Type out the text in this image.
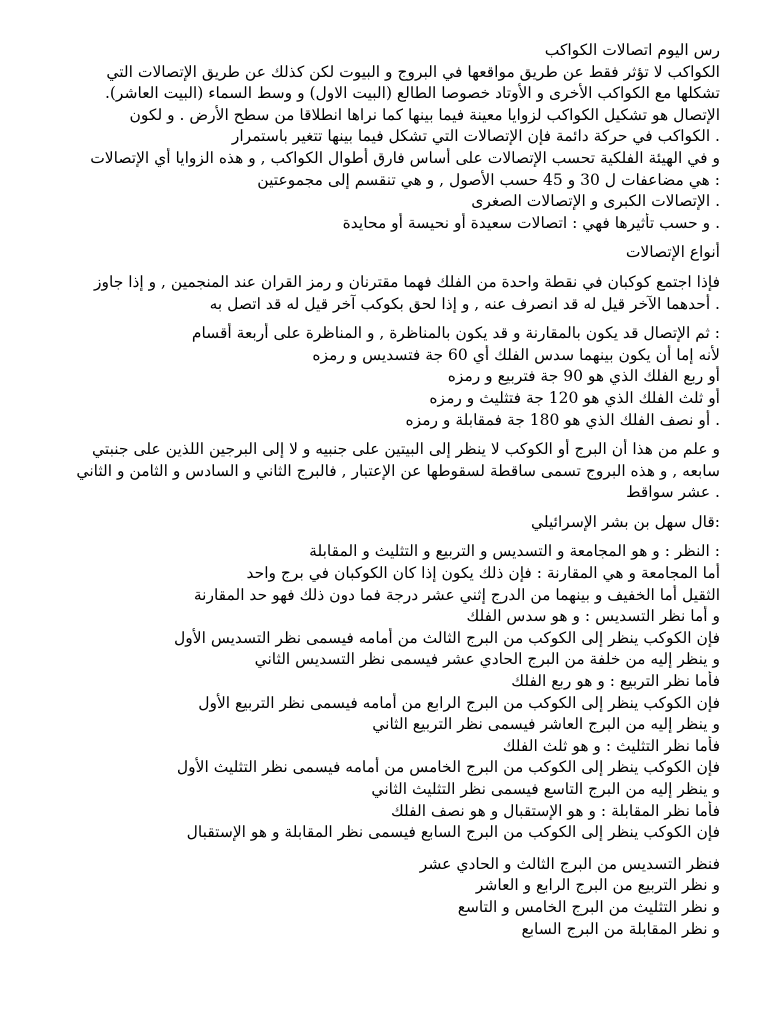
رس اليوم اتصالات الكواكب
الكواكب لا تؤثر فقط عن طريق مواقعها في البروج و البيوت لكن كذلك عن طريق الإتصالات التي
تشكلها مع الكواكب الأخرى و الأوتاد خصوصا الطالع (البيت الاول) و وسط السماء (البيت العاشر).
الإتصال هو تشكيل الكواكب لزوايا معينة فيما بينها كما نراها انطلاقا من سطح الأرض . و لكون
. الكواكب في حركة دائمة فإن الإتصالات التي تشكل فيما بينها تتغير باستمرار
و في الهيئة الفلكية تحسب الإتصالات على أساس فارق أطوال الكواكب , و هذه الزوايا أي الإتصالات
: هي مضاعفات ل 30 و 45 حسب الأصول , و هي تنقسم إلى مجموعتين
. الإتصالات الكبرى و الإتصالات الصغرى
. و حسب تأثيرها فهي : اتصالات سعيدة أو نحيسة أو محايدة
أنواع الإتصالات
فإذا اجتمع كوكبان في نقطة واحدة من الفلك فهما مقترنان و رمز القران عند المنجمين , و إذا جاوز
. أحدهما الآخر قيل له قد انصرف عنه , و إذا لحق بكوكب آخر قيل له قد اتصل به
: ثم الإتصال قد يكون بالمقارنة و قد يكون بالمناظرة , و المناظرة على أربعة أقسام
لأنه إما أن يكون بينهما سدس الفلك أي 60 جة فتسديس و رمزه
أو ربع الفلك الذي هو 90 جة فتربيع و رمزه
أو ثلث الفلك الذي هو 120 جة فتثليث و رمزه
. أو نصف الفلك الذي هو 180 جة فمقابلة و رمزه
و علم من هذا أن البرج أو الكوكب لا ينظر إلى البيتين على جنبيه و لا إلى البرجين اللذين على جنبتي
سابعه , و هذه البروج تسمى ساقطة لسقوطها عن الإعتبار , فالبرج الثاني و السادس و الثامن و الثاني
. عشر سواقط
:قال سهل بن بشر الإسرائيلي
: النظر : و هو المجامعة و التسديس و التربيع و التثليث و المقابلة
أما المجامعة و هي المقارنة : فإن ذلك يكون إذا كان الكوكبان في برج واحد
الثقيل أما الخفيف و بينهما من الدرج إثني عشر درجة فما دون ذلك فهو حد المقارنة
و أما نظر التسديس : و هو سدس الفلك
فإن الكوكب ينظر إلى الكوكب من البرج الثالث من أمامه فيسمى نظر التسديس الأول
و ينظر إليه من خلفة من البرج الحادي عشر فيسمى نظر التسديس الثاني
فأما نظر التربيع : و هو ربع الفلك
فإن الكوكب ينظر إلى الكوكب من البرج الرابع من أمامه فيسمى نظر التربيع الأول
و ينظر إليه من البرج العاشر فيسمى نظر التربيع الثاني
فأما نظر التثليث : و هو ثلث الفلك
فإن الكوكب ينظر إلى الكوكب من البرج الخامس من أمامه فيسمى نظر التثليث الأول
و ينظر إليه من البرج التاسع فيسمى نظر التثليث الثاني
فأما نظر المقابلة : و هو الإستقبال و هو نصف الفلك
فإن الكوكب ينظر إلى الكوكب من البرج السابع فيسمى نظر المقابلة و هو الإستقبال
فنظر التسديس من البرج الثالث و الحادي عشر
و نظر التربيع من البرج الرابع و العاشر
و نظر التثليث من البرج الخامس و التاسع
و نظر المقابلة من البرج السابع
